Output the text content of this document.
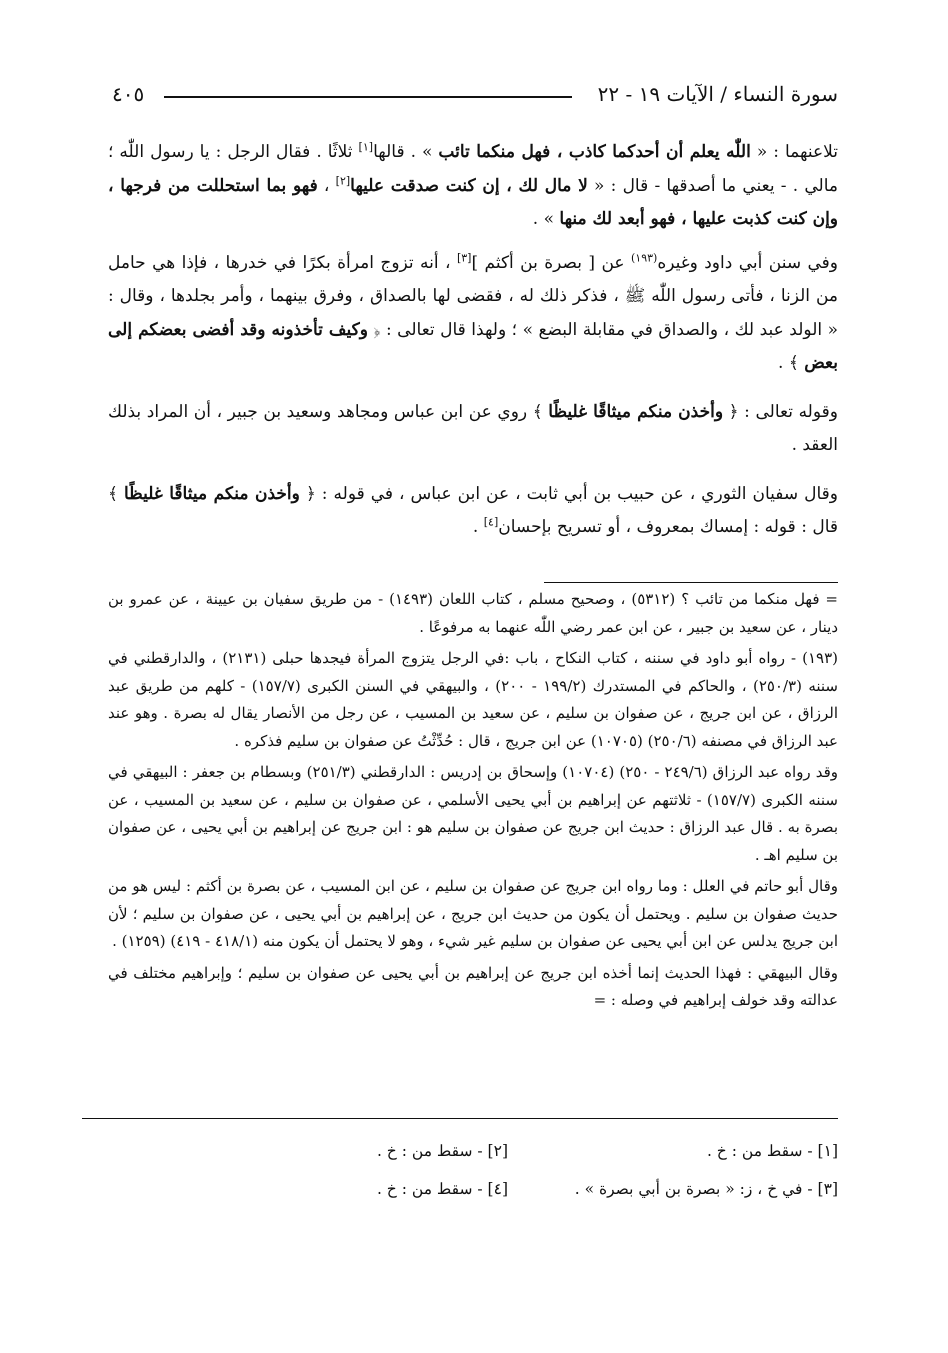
سورة النساء / الآيات ١٩ - ٢٢
٤٠٥

تلاعنهما : « اللّٰه يعلم أن أحدكما كاذب ، فهل منكما تائب » . قالها[١] ثلاثًا . فقال الرجل : يا رسول اللّٰه ؛ مالي . - يعني ما أصدقها - قال : « لا مال لك ، إن كنت صدقت عليها[٢] ، فهو بما استحللت من فرجها ، وإن كنت كذبت عليها ، فهو أبعد لك منها » .

وفي سنن أبي داود وغيره$^{(١٩٣)}$ عن [ بصرة بن أكثم ][٣] ، أنه تزوج امرأة بكرًا في خدرها ، فإذا هي حامل من الزنا ، فأتى رسول اللّٰه ﷺ ، فذكر ذلك له ، فقضى لها بالصداق ، وفرق بينهما ، وأمر بجلدها ، وقال : « الولد عبد لك ، والصداق في مقابلة البضع » ؛ ولهذا قال تعالى : ﴿ وكيف تأخذونه وقد أفضى بعضكم إلى بعض ﴾ .

وقوله تعالى : ﴿ وأخذن منكم ميثاقًا غليظًا ﴾ روي عن ابن عباس ومجاهد وسعيد بن جبير ، أن المراد بذلك العقد .

وقال سفيان الثوري ، عن حبيب بن أبي ثابت ، عن ابن عباس ، في قوله : ﴿ وأخذن منكم ميثاقًا غليظًا ﴾ قال : قوله : إمساك بمعروف ، أو تسريح بإحسان[٤] .

= فهل منكما من تائب ؟ (٥٣١٢) ، وصحيح مسلم ، كتاب اللعان (١٤٩٣) - من طريق سفيان بن عيينة ، عن عمرو بن دينار ، عن سعيد بن جبير ، عن ابن عمر رضي اللّٰه عنهما به مرفوعًا .

(١٩٣) - رواه أبو داود في سننه ، كتاب النكاح ، باب :في الرجل يتزوج المرأة فيجدها حبلى (٢١٣١) ، والدارقطني في سننه (٢٥٠/٣) ، والحاكم في المستدرك (١٩٩/٢ - ٢٠٠) ، والبيهقي في السنن الكبرى (١٥٧/٧) - كلهم من طريق عبد الرزاق ، عن ابن جريج ، عن صفوان بن سليم ، عن سعيد بن المسيب ، عن رجل من الأنصار يقال له بصرة . وهو عند عبد الرزاق في مصنفه (٢٥٠/٦) (١٠٧٠٥) عن ابن جريج ، قال : حُدِّثْتُ عن صفوان بن سليم فذكره .

وقد رواه عبد الرزاق (٢٤٩/٦ - ٢٥٠) (١٠٧٠٤) وإسحاق بن إدريس : الدارقطني (٢٥١/٣) وبسطام بن جعفر : البيهقي في سننه الكبرى (١٥٧/٧) - ثلاثتهم عن إبراهيم بن أبي يحيى الأسلمي ، عن صفوان بن سليم ، عن سعيد بن المسيب ، عن بصرة به . قال عبد الرزاق : حديث ابن جريج عن صفوان بن سليم هو : ابن جريج عن إبراهيم بن أبي يحيى ، عن صفوان بن سليم اهـ .

وقال أبو حاتم في العلل : وما رواه ابن جريج عن صفوان بن سليم ، عن ابن المسيب ، عن بصرة بن أكثم : ليس هو من حديث صفوان بن سليم . ويحتمل أن يكون من حديث ابن جريج ، عن إبراهيم بن أبي يحيى ، عن صفوان بن سليم ؛ لأن ابن جريج يدلس عن ابن أبي يحيى عن صفوان بن سليم غير شيء ، وهو لا يحتمل أن يكون منه (٤١٨/١ - ٤١٩) (١٢٥٩) .

وقال البيهقي : فهذا الحديث إنما أخذه ابن جريج عن إبراهيم بن أبي يحيى عن صفوان بن سليم ؛ وإبراهيم مختلف في عدالته وقد خولف إبراهيم في وصله : =

[١] - سقط من : خ .
[٢] - سقط من : خ .
[٣] - في خ ، ز: « بصرة بن أبي بصرة » .
[٤] - سقط من : خ .
